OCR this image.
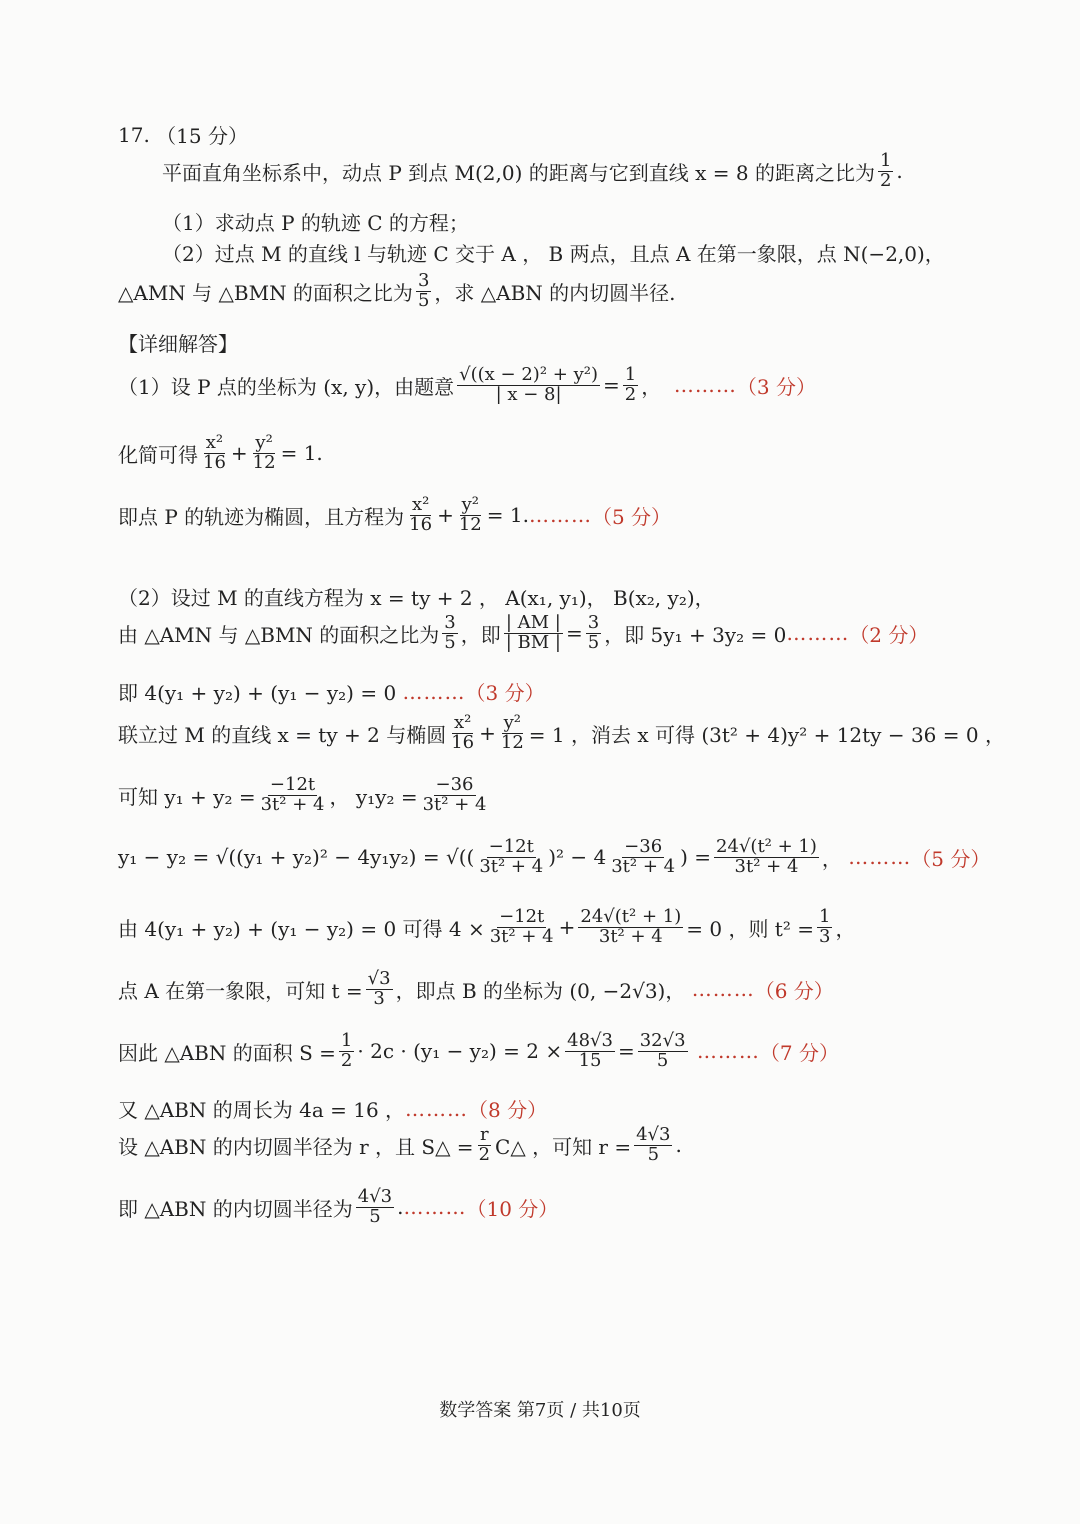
17.
（15 分）
平面直角坐标系中，动点 P 到点 M(2,0) 的距离与它到直线 x = 8 的距离之比为 $\frac{1}{2}$ .
（1）求动点 P 的轨迹 C 的方程；
（2）过点 M 的直线 l 与轨迹 C 交于 A ， B 两点，且点 A 在第一象限，点 N(−2,0)，
△AMN 与 △BMN 的面积之比为 $\frac{3}{5}$ ，求 △ABN 的内切圆半径.
【详细解答】
（1）设 P 点的坐标为 (x, y)，由题意 $\frac{\text{√((x − 2)² + y²)}}{| x - 8|} = \frac{1}{2}$ ，
……… （3 分）
化简可得 $\frac{\text{x²}}{16} + \frac{\text{y²}}{12} = 1$.
即点 P 的轨迹为椭圆，且方程为 $\frac{\text{x²}}{16} + \frac{\text{y²}}{12} = 1$. ……… （5 分）
（2）设过 M 的直线方程为 x = ty + 2 ， A(x₁, y₁)， B(x₂, y₂)，
由 △AMN 与 △BMN 的面积之比为 $\frac{3}{5}$ ，即 $\frac{| AM |}{| BM |} = \frac{3}{5}$ ，即 5y₁ + 3y₂ = 0 ……… （2 分）
即 4(y₁ + y₂) + (y₁ − y₂) = 0
……… （3 分）
联立过 M 的直线 x = ty + 2 与椭圆 $\frac{\text{x²}}{16} + \frac{\text{y²}}{12} = 1$ ，消去 x 可得 (3t² + 4)y² + 12ty − 36 = 0 ，
可知 $y_1 + y_2 = \frac{-12t}{\text{3t² + 4}}$ ， $y_1y_2 = \frac{-36}{\text{3t² + 4}}$
y₁ − y₂ = √((y₁ + y₂)² − 4y₁y₂) = √(( $\frac{-12t}{\text{3t² + 4}} )^2 - 4 \frac{-36}{\text{3t² + 4}}$ ) = $\frac{\text{24√(t² + 1)}}{\text{3t² + 4}}$ ，
……… （5 分）
由 4(y₁ + y₂) + (y₁ − y₂) = 0 可得 $4 \times \frac{-12t}{\text{3t² + 4}} + \frac{\text{24√(t² + 1)}}{\text{3t² + 4}} = 0$ ，则 $t^2 = \frac{1}{3}$ ，
点 A 在第一象限，可知 $t = \frac{√3}{3}$ ，即点 B 的坐标为 (0, −2√3)，
……… （6 分）
因此 △ABN 的面积 $S = \frac{1}{2} \cdot 2c \cdot (y_1 - y_2) = 2 \times \frac{48√3}{15} = \frac{32√3}{5}$
……… （7 分）
又 △ABN 的周长为 4a = 16 ， ……… （8 分）
设 △ABN 的内切圆半径为 r ，且 S△ = $\frac{r}{2}$ C△ ，可知 $r = \frac{4√3}{5}$ .
即 △ABN 的内切圆半径为 $\frac{4√3}{5}$ . ……… （10 分）
数学答案 第7页 / 共10页
